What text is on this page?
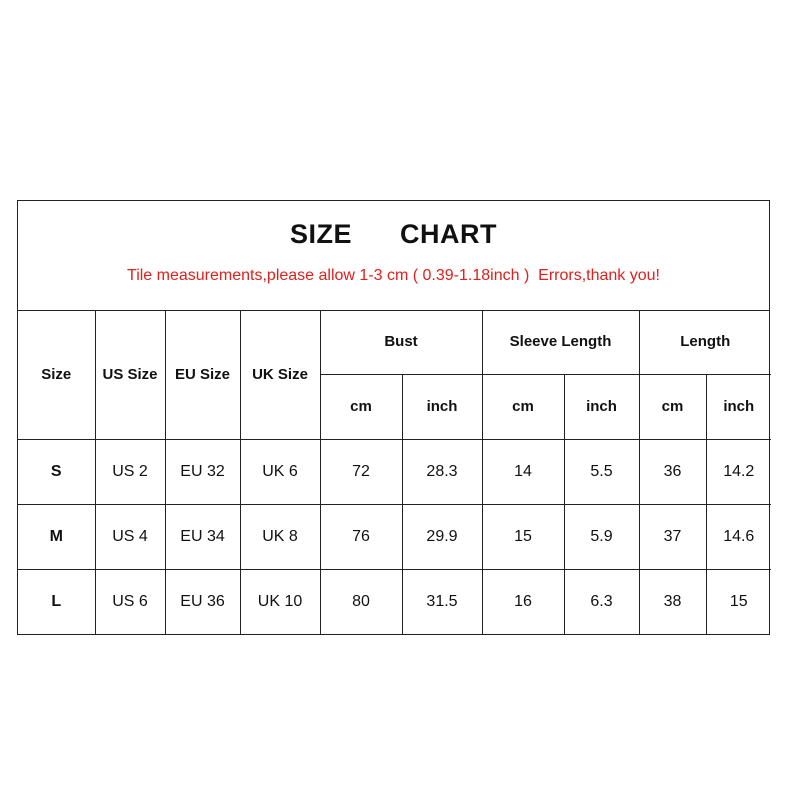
SIZE      CHART
Tile measurements,please allow 1-3 cm ( 0.39-1.18inch )  Errors,thank you!
Size	US Size	EU Size	UK Size	Bust		Sleeve Length		Length	
				cm	inch	cm	inch	cm	inch
S	US 2	EU 32	UK 6	72	28.3	14	5.5	36	14.2
M	US 4	EU 34	UK 8	76	29.9	15	5.9	37	14.6
L	US 6	EU 36	UK 10	80	31.5	16	6.3	38	15
